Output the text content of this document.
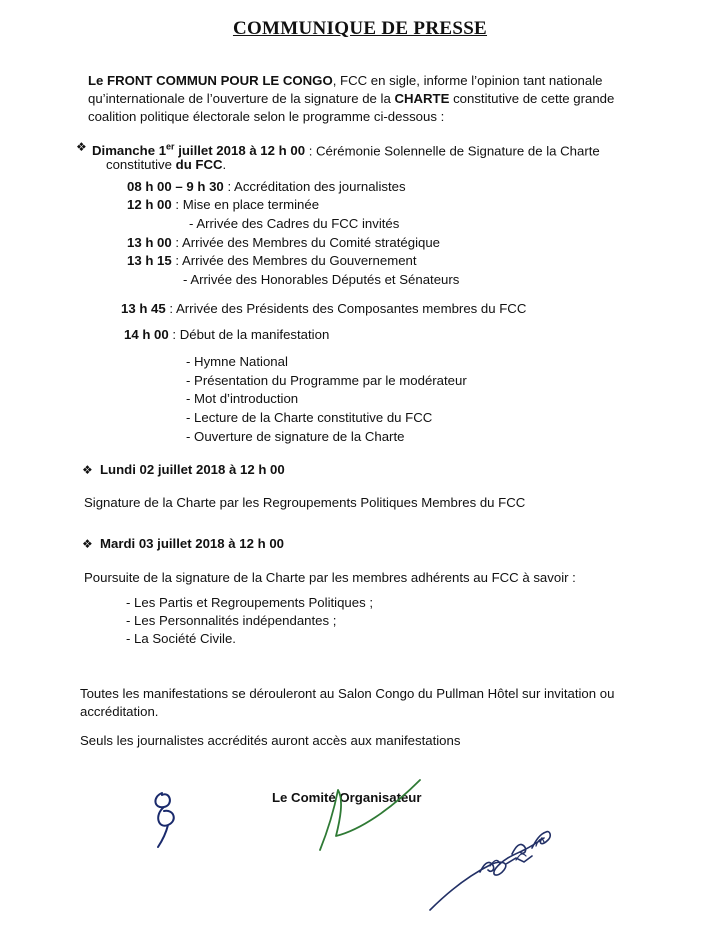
COMMUNIQUE DE PRESSE
Le FRONT COMMUN POUR LE CONGO, FCC en sigle, informe l’opinion tant nationale
qu’internationale de l’ouverture de la signature de la CHARTE constitutive de cette grande
coalition politique électorale selon le programme ci-dessous :
❖ Dimanche 1er juillet 2018 à 12 h 00 : Cérémonie Solennelle de Signature de la Charte
constitutive du FCC.
08 h 00 – 9 h 30 : Accréditation des journalistes
12 h 00 : Mise en place terminée
- Arrivée des Cadres du FCC invités
13 h 00 : Arrivée des Membres du Comité stratégique
13 h 15 : Arrivée des Membres du Gouvernement
- Arrivée des Honorables Députés et Sénateurs
13 h 45 : Arrivée des Présidents des Composantes membres du FCC
14 h 00 : Début de la manifestation
- Hymne National
- Présentation du Programme par le modérateur
- Mot d’introduction
- Lecture de la Charte constitutive du FCC
- Ouverture de signature de la Charte
❖ Lundi 02 juillet 2018 à 12 h 00
Signature de la Charte par les Regroupements Politiques Membres du FCC
❖ Mardi 03 juillet 2018 à 12 h 00
Poursuite de la signature de la Charte par les membres adhérents au FCC à savoir :
- Les Partis et Regroupements Politiques ;
- Les Personnalités indépendantes ;
- La Société Civile.
Toutes les manifestations se dérouleront au Salon Congo du Pullman Hôtel sur invitation ou
accréditation.
Seuls les journalistes accrédités auront accès aux manifestations
Le Comité Organisateur
